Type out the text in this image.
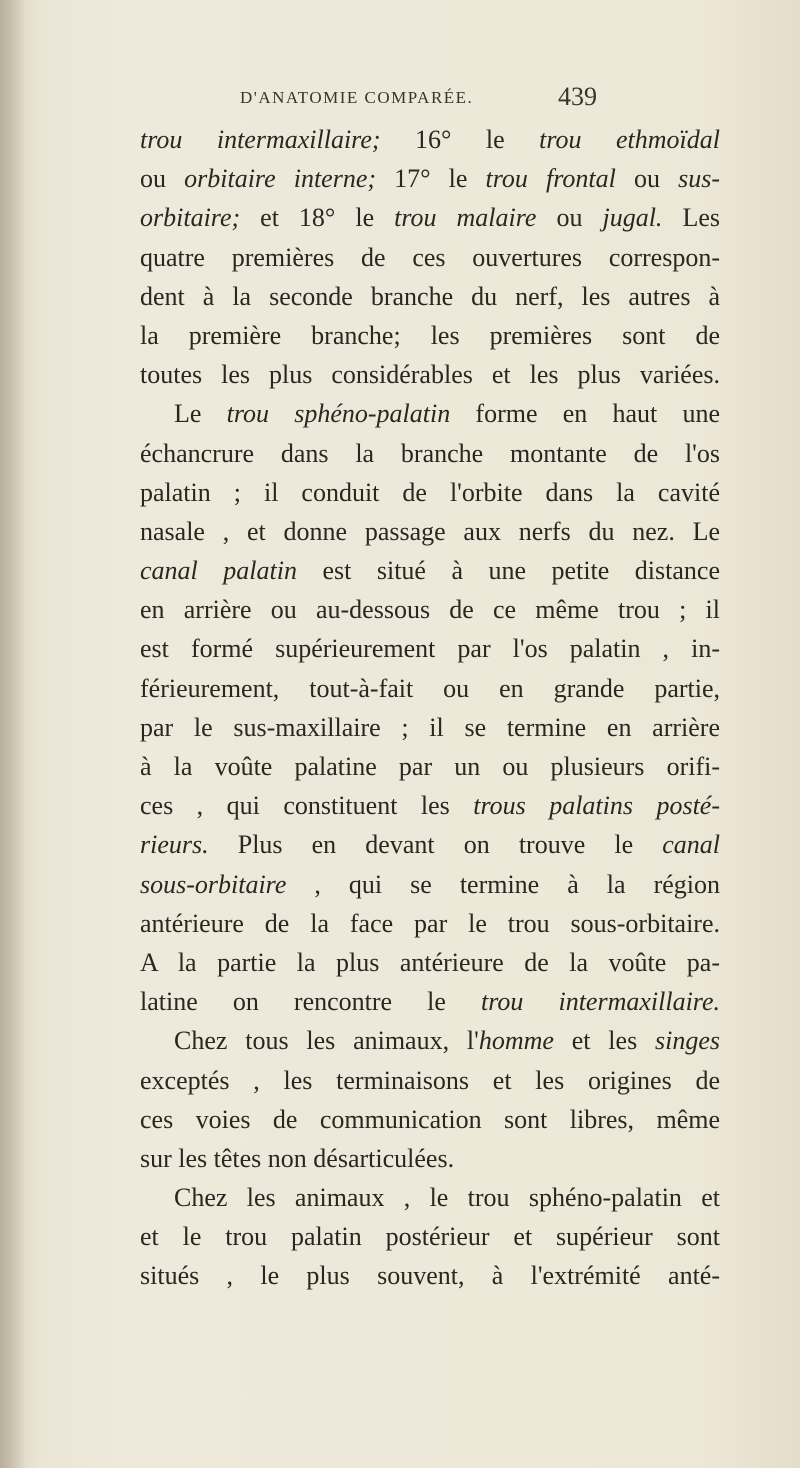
D'ANATOMIE COMPARÉE.	439
trou intermaxillaire; 16° le trou ethmoïdal
ou orbitaire interne; 17° le trou frontal ou sus-
orbitaire; et 18° le trou malaire ou jugal. Les
quatre premières de ces ouvertures correspon-
dent à la seconde branche du nerf, les autres à
la première branche; les premières sont de
toutes les plus considérables et les plus variées.
Le trou sphéno-palatin forme en haut une
échancrure dans la branche montante de l'os
palatin ; il conduit de l'orbite dans la cavité
nasale , et donne passage aux nerfs du nez. Le
canal palatin est situé à une petite distance
en arrière ou au-dessous de ce même trou ; il
est formé supérieurement par l'os palatin , in-
férieurement, tout-à-fait ou en grande partie,
par le sus-maxillaire ; il se termine en arrière
à la voûte palatine par un ou plusieurs orifi-
ces , qui constituent les trous palatins posté-
rieurs. Plus en devant on trouve le canal
sous-orbitaire , qui se termine à la région
antérieure de la face par le trou sous-orbitaire.
A la partie la plus antérieure de la voûte pa-
latine on rencontre le trou intermaxillaire.
Chez tous les animaux, l'homme et les singes
exceptés , les terminaisons et les origines de
ces voies de communication sont libres, même
sur les têtes non désarticulées.
Chez les animaux , le trou sphéno-palatin et
et le trou palatin postérieur et supérieur sont
situés , le plus souvent, à l'extrémité anté-
